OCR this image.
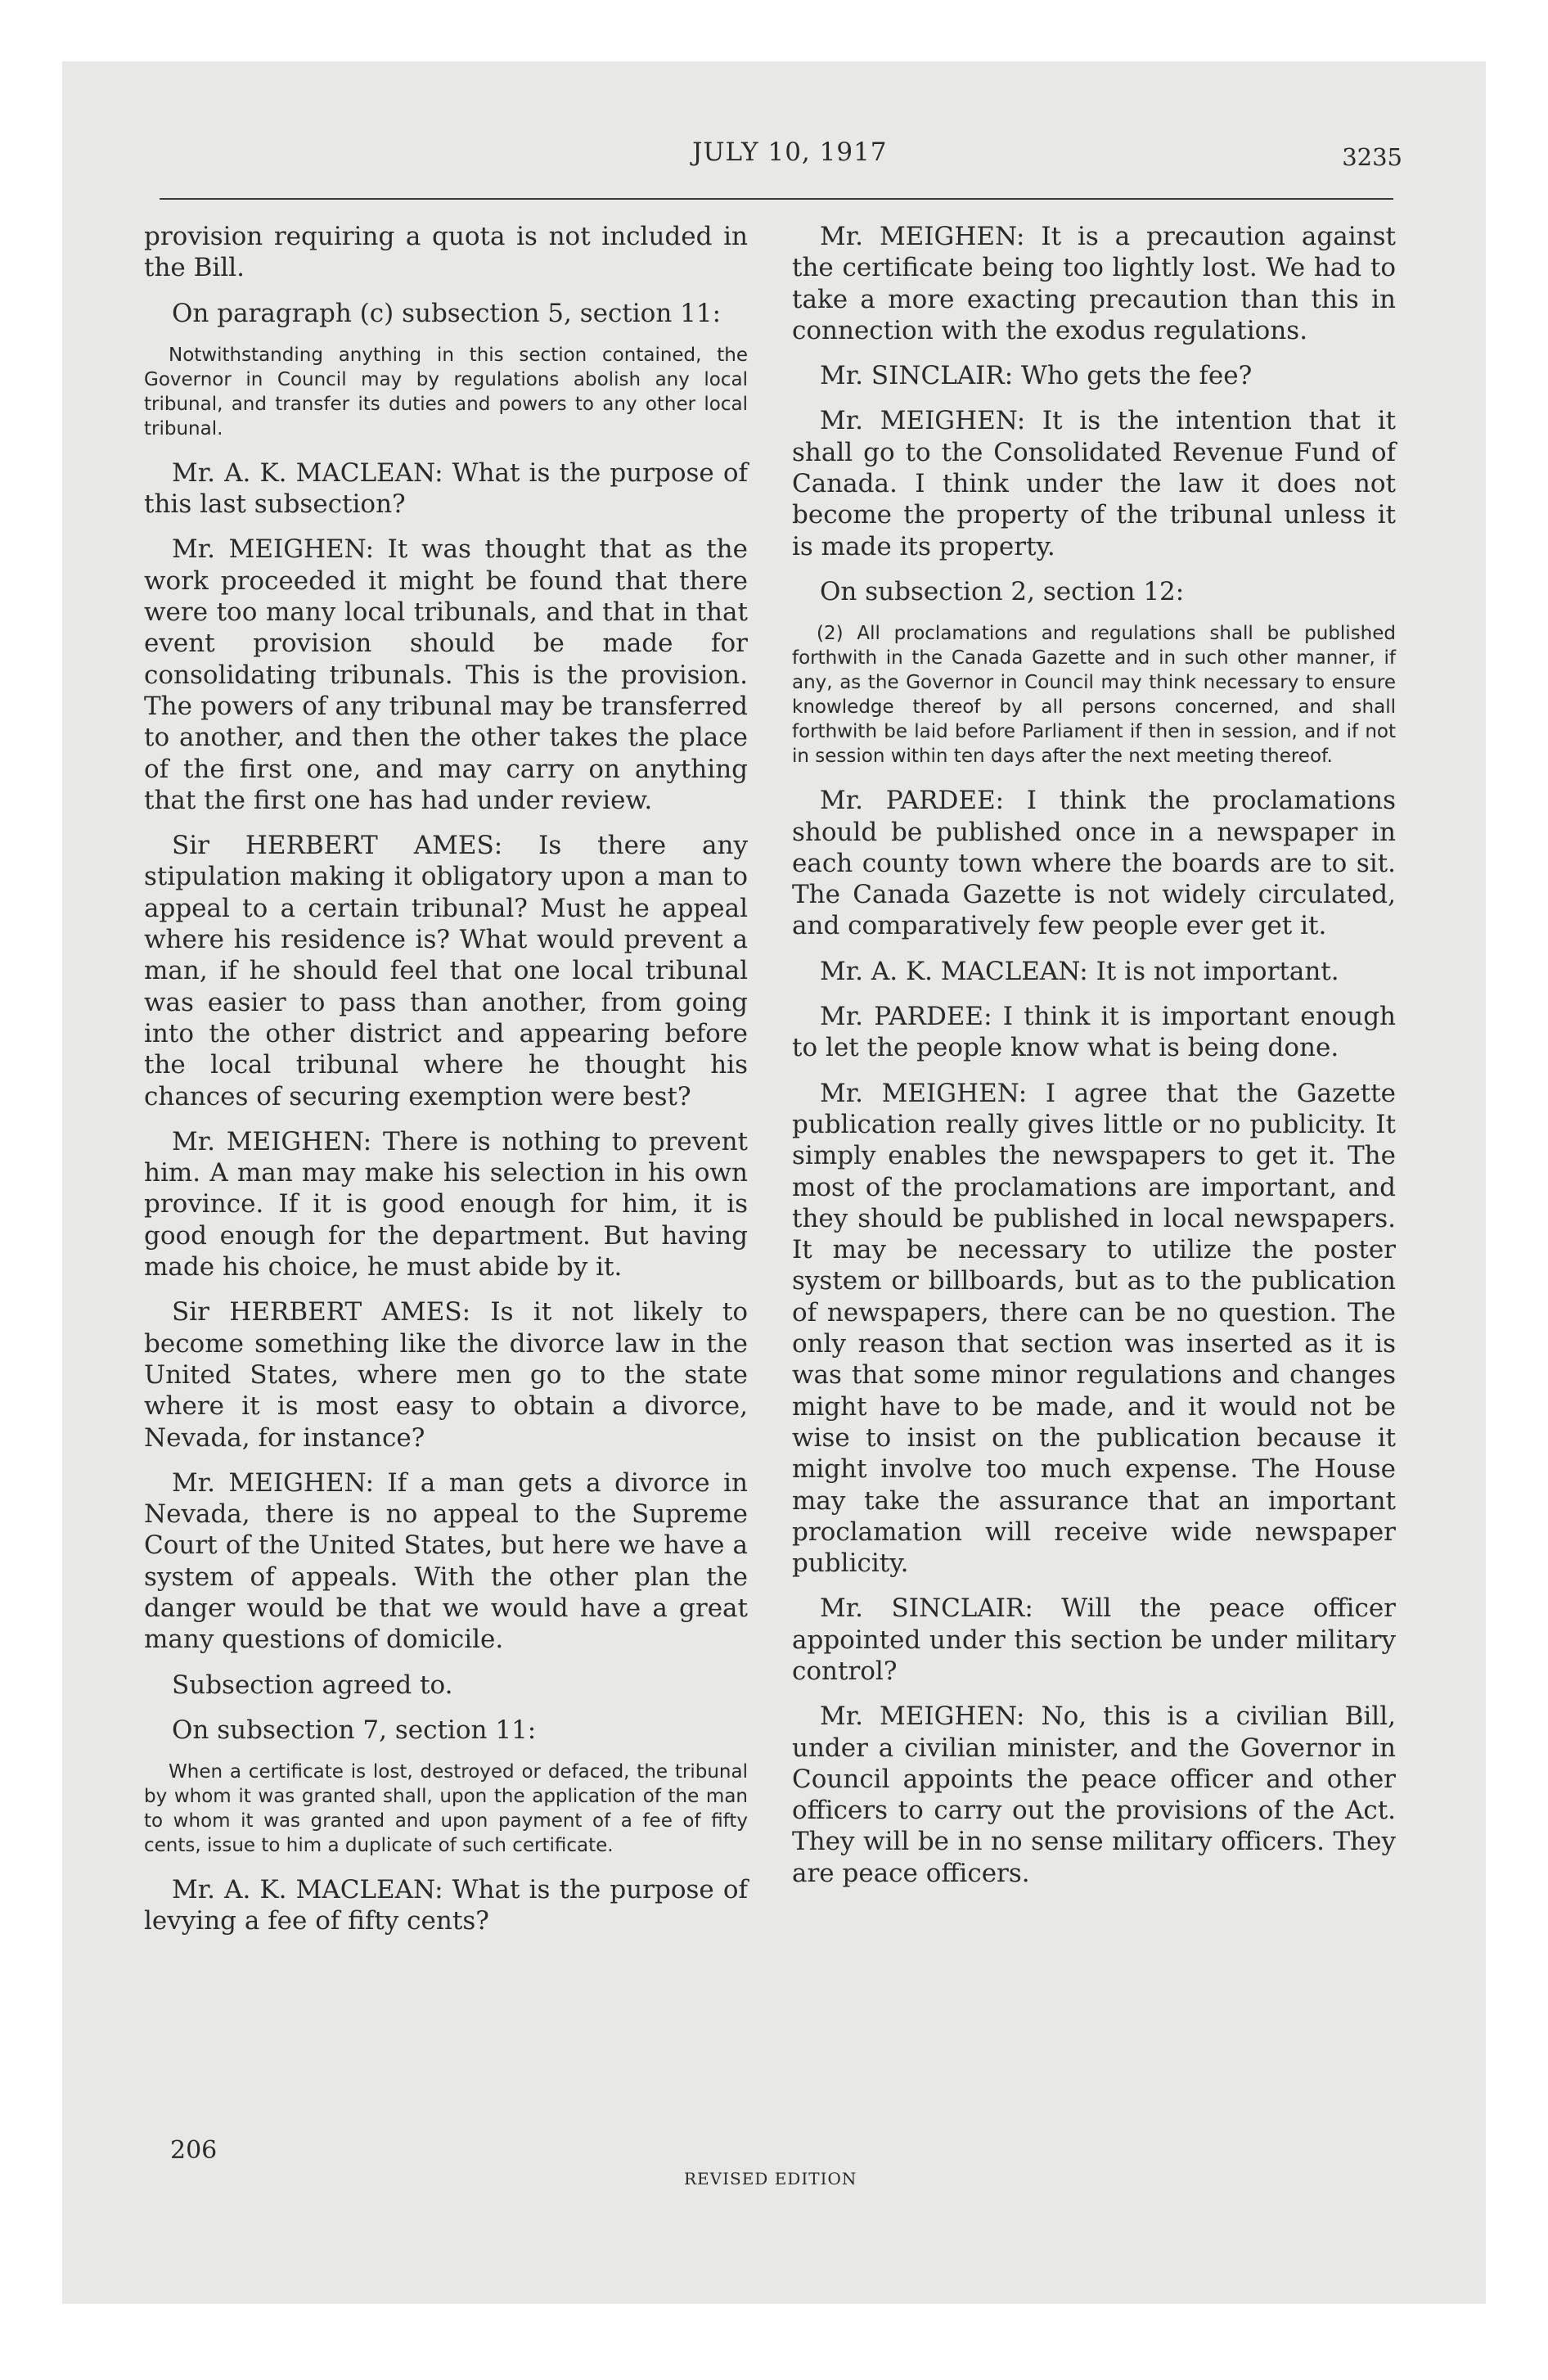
JULY 10, 1917	3235

provision requiring a quota is not included in the Bill.

On paragraph (c) subsection 5, section 11:

Notwithstanding anything in this section contained, the Governor in Council may by regulations abolish any local tribunal, and transfer its duties and powers to any other local tribunal.

Mr. A. K. MACLEAN: What is the purpose of this last subsection?

Mr. MEIGHEN: It was thought that as the work proceeded it might be found that there were too many local tribunals, and that in that event provision should be made for consolidating tribunals. This is the provision. The powers of any tribunal may be transferred to another, and then the other takes the place of the first one, and may carry on anything that the first one has had under review.

Sir HERBERT AMES: Is there any stipulation making it obligatory upon a man to appeal to a certain tribunal? Must he appeal where his residence is? What would prevent a man, if he should feel that one local tribunal was easier to pass than another, from going into the other district and appearing before the local tribunal where he thought his chances of securing exemption were best?

Mr. MEIGHEN: There is nothing to prevent him. A man may make his selection in his own province. If it is good enough for him, it is good enough for the department. But having made his choice, he must abide by it.

Sir HERBERT AMES: Is it not likely to become something like the divorce law in the United States, where men go to the state where it is most easy to obtain a divorce, Nevada, for instance?

Mr. MEIGHEN: If a man gets a divorce in Nevada, there is no appeal to the Supreme Court of the United States, but here we have a system of appeals. With the other plan the danger would be that we would have a great many questions of domicile.

Subsection agreed to.

On subsection 7, section 11:

When a certificate is lost, destroyed or defaced, the tribunal by whom it was granted shall, upon the application of the man to whom it was granted and upon payment of a fee of fifty cents, issue to him a duplicate of such certificate.

Mr. A. K. MACLEAN: What is the purpose of levying a fee of fifty cents?

Mr. MEIGHEN: It is a precaution against the certificate being too lightly lost. We had to take a more exacting precaution than this in connection with the exodus regulations.

Mr. SINCLAIR: Who gets the fee?

Mr. MEIGHEN: It is the intention that it shall go to the Consolidated Revenue Fund of Canada. I think under the law it does not become the property of the tribunal unless it is made its property.

On subsection 2, section 12:

(2) All proclamations and regulations shall be published forthwith in the Canada Gazette and in such other manner, if any, as the Governor in Council may think necessary to ensure knowledge thereof by all persons concerned, and shall forthwith be laid before Parliament if then in session, and if not in session within ten days after the next meeting thereof.

Mr. PARDEE: I think the proclamations should be published once in a newspaper in each county town where the boards are to sit. The Canada Gazette is not widely circulated, and comparatively few people ever get it.

Mr. A. K. MACLEAN: It is not important.

Mr. PARDEE: I think it is important enough to let the people know what is being done.

Mr. MEIGHEN: I agree that the Gazette publication really gives little or no publicity. It simply enables the newspapers to get it. The most of the proclamations are important, and they should be published in local newspapers. It may be necessary to utilize the poster system or billboards, but as to the publication of newspapers, there can be no question. The only reason that section was inserted as it is was that some minor regulations and changes might have to be made, and it would not be wise to insist on the publication because it might involve too much expense. The House may take the assurance that an important proclamation will receive wide newspaper publicity.

Mr. SINCLAIR: Will the peace officer appointed under this section be under military control?

Mr. MEIGHEN: No, this is a civilian Bill, under a civilian minister, and the Governor in Council appoints the peace officer and other officers to carry out the provisions of the Act. They will be in no sense military officers. They are peace officers.

206
REVISED EDITION
